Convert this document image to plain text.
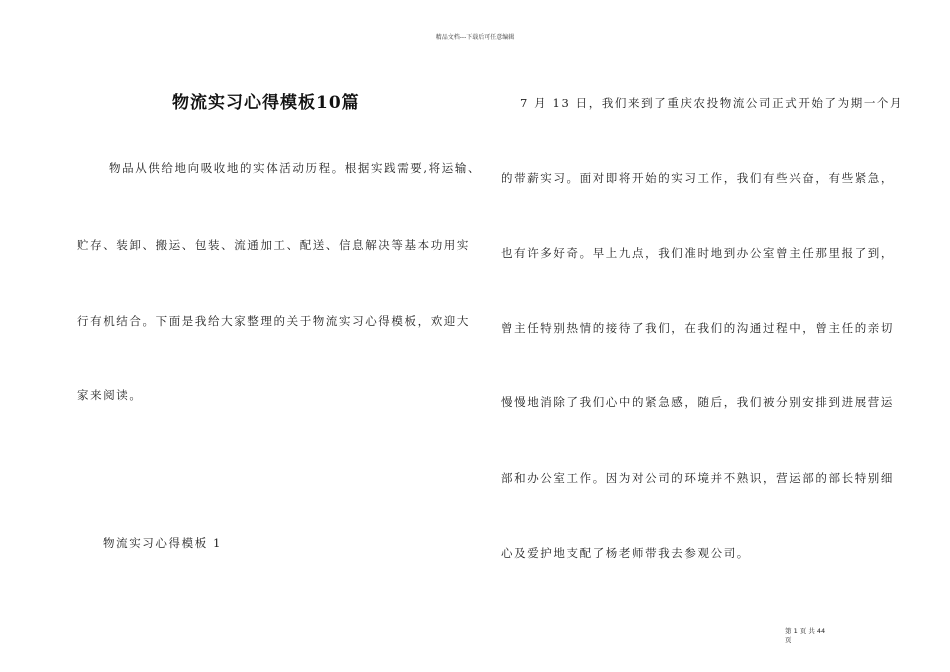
精品文档---下载后可任意编辑
物流实习心得模板10篇
物品从供给地向吸收地的实体活动历程。根据实践需要,将运输、
贮存、装卸、搬运、包装、流通加工、配送、信息解决等基本功用实
行有机结合。下面是我给大家整理的关于物流实习心得模板，欢迎大
家来阅读。
物流实习心得模板 1
7 月 13 日，我们来到了重庆农投物流公司正式开始了为期一个月
的带薪实习。面对即将开始的实习工作，我们有些兴奋，有些紧急，
也有许多好奇。早上九点，我们准时地到办公室曾主任那里报了到，
曾主任特别热情的接待了我们，在我们的沟通过程中，曾主任的亲切
慢慢地消除了我们心中的紧急感，随后，我们被分别安排到进展营运
部和办公室工作。因为对公司的环境并不熟识，营运部的部长特别细
心及爱护地支配了杨老师带我去参观公司。
第 1 页 共 44
页
